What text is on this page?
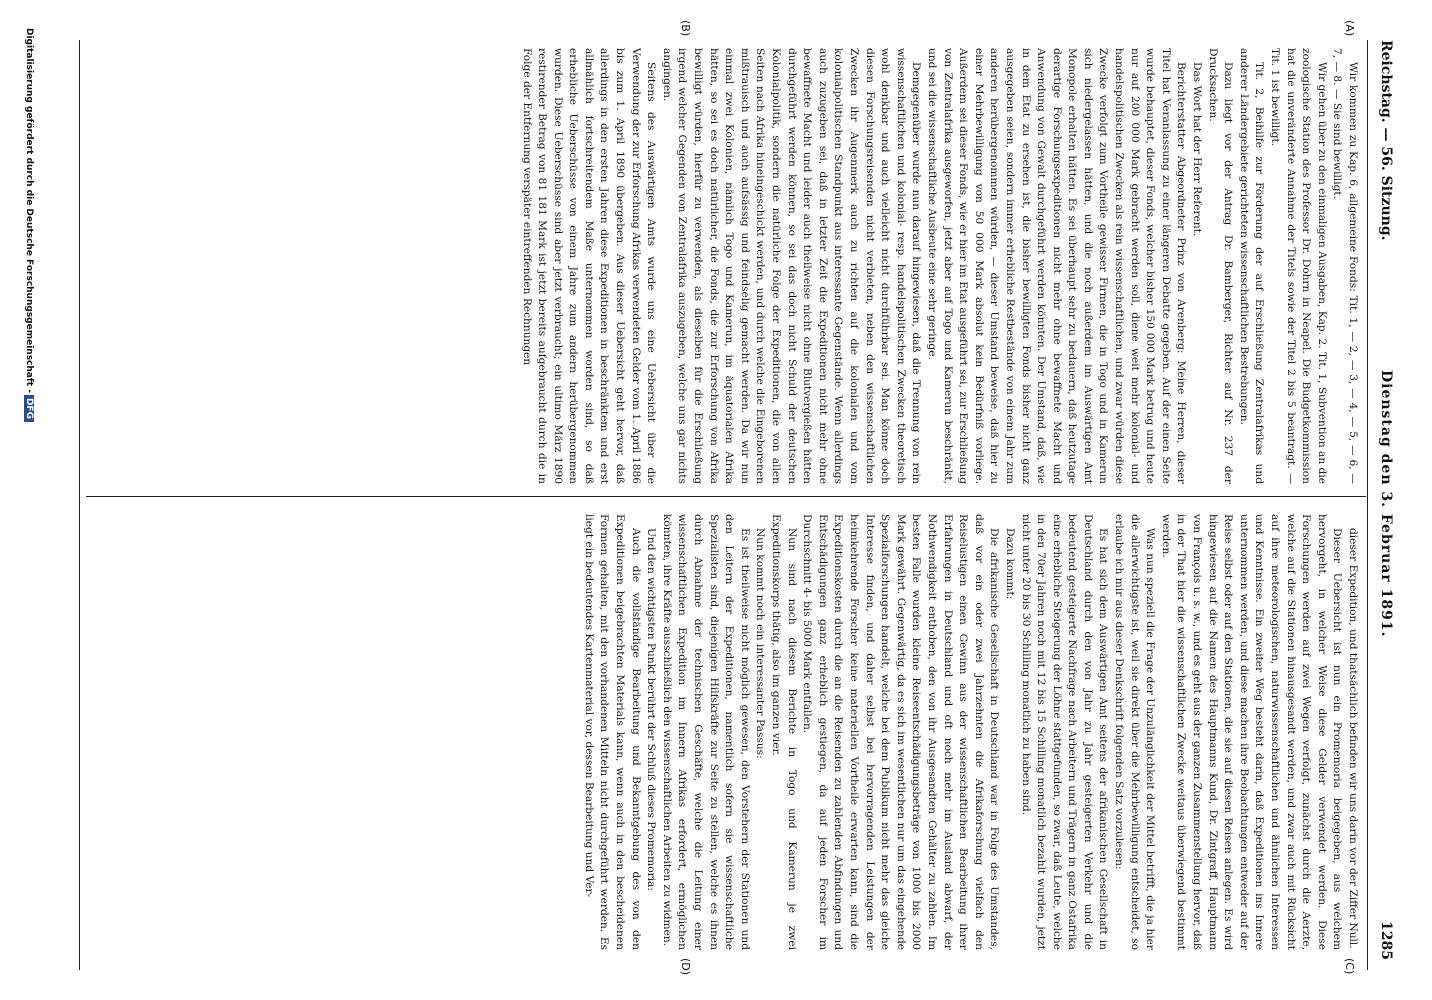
Reichstag. — 56. Sitzung.
Dienstag den 3. Februar 1891.
1285
(A)
(B)
(C)
(D)

Wir kommen zu Kap. 6, allgemeine Fonds: Tit. 1, — 2, — 3, — 4, — 5, — 6, — 7, — 8. — Sie sind bewilligt.

Wir gehen über zu den einmaligen Ausgaben, Kap. 2. Tit. 1, Subvention an die zoologische Station des Professor Dr. Dohrn in Neapel. Die Budgetkommission hat die unveränderte Annahme der Titels sowie der Titel 2 bis 5 beantragt. — Tit. 1 ist bewilligt.

Tit. 2, Beihilfe zur Förderung der auf Erschließung Zentralafrikas und anderer Ländergebiete gerichteten wissenschaftlichen Bestrebungen.

Dazu liegt vor der Antrag Dr. Bamberger, Richter auf Nr. 237 der Drucksachen.

Das Wort hat der Herr Referent.

Berichterstatter Abgeordneter Prinz von Arenberg: Meine Herren, dieser Titel hat Veranlassung zu einer längeren Debatte gegeben. Auf der einen Seite wurde behauptet, dieser Fonds, welcher bisher 150 000 Mark betrug und heute nur auf 200 000 Mark gebracht werden soll, diene weit mehr kolonial- und handelspolitischen Zwecken als rein wissenschaftlichen, und zwar würden diese Zwecke verfolgt zum Vortheile gewisser Firmen, die in Togo und in Kamerun sich niedergelassen hätten, und die noch außerdem im Auswärtigen Amt Monopole erhalten hätten. Es sei überhaupt sehr zu bedauern, daß heutzutage derartige Forschungsexpeditionen nicht mehr ohne bewaffnete Macht und Anwendung von Gewalt durchgeführt werden könnten. Der Umstand, daß, wie in dem Etat zu ersehen ist, die bisher bewilligten Fonds bisher nicht ganz ausgegeben seien, sondern immer erhebliche Restbestände von einem Jahr zum anderen herübergenommen würden, — dieser Umstand beweise, daß hier zu einer Mehrbewilligung von 50 000 Mark absolut kein Bedürfniß vorliege. Außerdem sei dieser Fonds, wie er hier im Etat ausgeführt sei, zur Erschließung von Zentralafrika ausgeworfen, jetzt aber auf Togo und Kamerun beschränkt, und sei die wissenschaftliche Ausbeute eine sehr geringe.

Demgegenüber wurde nun darauf hingewiesen, daß die Trennung von rein wissenschaftlichen und kolonial- resp. handelspolitischen Zwecken theoretisch wohl denkbar und auch vielleicht nicht durchführbar sei. Man könne doch diesen Forschungsreisenden nicht verbieten, neben den wissenschaftlichen Zwecken ihr Augenmerk auch zu richten auf die kolonialen und vom kolonialpolitischen Standpunkt aus interessante Gegenstände. Wenn allerdings auch zuzugeben sei, daß in letzter Zeit die Expeditionen nicht mehr ohne bewaffnete Macht und leider auch theilweise nicht ohne Blutvergießen hätten durchgeführt werden können, so sei das doch nicht Schuld der deutschen Kolonialpolitik, sondern die natürliche Folge der Expeditionen, die von allen Seiten nach Afrika hineingeschickt werden, und durch welche die Eingeborenen mißtrauisch und auch aufsässig und feindselig gemacht werden. Da wir nun einmal zwei Kolonien, nämlich Togo und Kamerun, im äquatorialen Afrika hätten, so sei es doch natürlicher, die Fonds, die zur Erforschung von Afrika bewilligt würden, hierfür zu verwenden, als dieselben für die Erschließung irgend welcher Gegenden von Zentralafrika auszugeben, welche uns gar nichts angingen.

Seitens des Auswärtigen Amts wurde uns eine Uebersicht über die Verwendung der zur Erforschung Afrikas verwendeten Gelder vom 1. April 1886 bis zum 1. April 1890 übergeben. Aus dieser Uebersicht geht hervor, daß allerdings in den ersten Jahren diese Expeditionen in beschränktem und erst allmählich fortschreitendem Maße unternommen worden sind, so daß erhebliche Ueberschüsse von einem Jahre zum andern herübergenommen wurden. Diese Ueberschüsse sind aber jetzt verbraucht; ein ultimo März 1890 restirender Betrag von 81 181 Mark ist jetzt bereits aufgebraucht durch die in Folge der Entfernung verspäter eintreffenden Rechnungen

dieser Expedition, und thatsächlich befinden wir uns darin vor der Ziffer Null.

Dieser Uebersicht ist nun ein Promemoria beigegeben, aus welchem hervorgeht, in welcher Weise diese Gelder verwendet werden. Diese Forschungen werden auf zwei Wegen verfolgt, zunächst durch die Aerzte, welche auf die Stationen hinausgesandt werden, und zwar auch mit Rücksicht auf ihre meteorologischen, naturwissenschaftlichen und ähnlichen Interessen und Kenntnisse. Ein zweiter Weg besteht darin, daß Expeditionen ins Innere unternommen werden, und diese machen ihre Beobachtungen entweder auf der Reise selbst oder auf den Stationen, die sie auf diesen Reisen anlegen. Es wird hingewiesen auf die Namen des Hauptmanns Kund, Dr. Zintgraff, Hauptmann von François u. s. w., und es geht aus der ganzen Zusammenstellung hervor, daß in der That hier die wissenschaftlichen Zwecke weitaus überwiegend bestimmt werden.

Was nun speziell die Frage der Unzulänglichkeit der Mittel betrifft, die ja hier die allerwichtigste ist, weil sie direkt über die Mehrbewilligung entscheidet, so erlaube ich mir aus dieser Denkschrift folgenden Satz vorzulesen:

Es hat sich dem Auswärtigen Amt seitens der afrikanischen Gesellschaft in Deutschland durch den von Jahr zu Jahr gesteigerten Verkehr und die bedeutend gesteigerte Nachfrage nach Arbeitern und Trägern in ganz Ostafrika eine erhebliche Steigerung der Löhne stattgefunden, so zwar, daß Leute, welche in den 70er Jahren noch mit 12 bis 15 Schilling monatlich bezahlt wurden, jetzt nicht unter 20 bis 30 Schilling monatlich zu haben sind.

Dazu kommt:

Die afrikanische Gesellschaft in Deutschland war in Folge des Umstandes, daß vor ein oder zwei Jahrzehnten die Afrikaforschung vielfach den Reiselustigen einen Gewinn aus der wissenschaftlichen Bearbeitung ihrer Erfahrungen in Deutschland und oft noch mehr im Ausland abwarf, der Nothwendigkeit enthoben, den von ihr Ausgesandten Gehälter zu zahlen. Im besten Falle wurden kleine Reiseentschädigungsbeträge von 1000 bis 2000 Mark gewährt. Gegenwärtig, da es sich im wesentlichen nur um das eingehende Spezialforschungen handelt, welche bei dem Publikum nicht mehr das gleiche Interesse finden, und daher selbst bei hervorragenden Leistungen der heimkehrende Forscher keine materiellen Vortheile erwarten kann, sind die Expeditionskosten durch die an die Reisenden zu zahlenden Abfindungen und Entschädigungen ganz erheblich gestiegen, da auf jeden Forscher im Durchschnitt 4- bis 5000 Mark entfallen.

Nun sind nach diesem Berichte in Togo und Kamerun je zwei Expeditionskorps thätig, also im ganzen vier.

Nun kommt noch ein interessanter Passus:

Es ist theilweise nicht möglich gewesen, den Vorstehern der Stationen und den Leitern der Expeditionen, namentlich sofern sie wissenschaftliche Spezialisten sind, diejenigen Hilfskräfte zur Seite zu stellen, welche es ihnen durch Abnahme der technischen Geschäfte, welche die Leitung einer wissenschaftlichen Expedition im Innern Afrikas erfordert, ermöglichen könnten, ihre Kräfte ausschließlich den wissenschaftlichen Arbeiten zu widmen.

Und den wichtigsten Punkt berührt der Schluß dieses Promemoria:

Auch die vollständige Bearbeitung und Bekanntgebung des von den Expeditionen beigebrachten Materials kann, wenn auch in den bescheidenen Formen gehalten, mit den vorhandenen Mitteln nicht durchgeführt werden. Es liegt ein bedeutendes Kartenmaterial vor, dessen Bearbeitung und Ver-

Digitalisierung gefördert durch die Deutsche Forschungsgemeinschaft -DFG
